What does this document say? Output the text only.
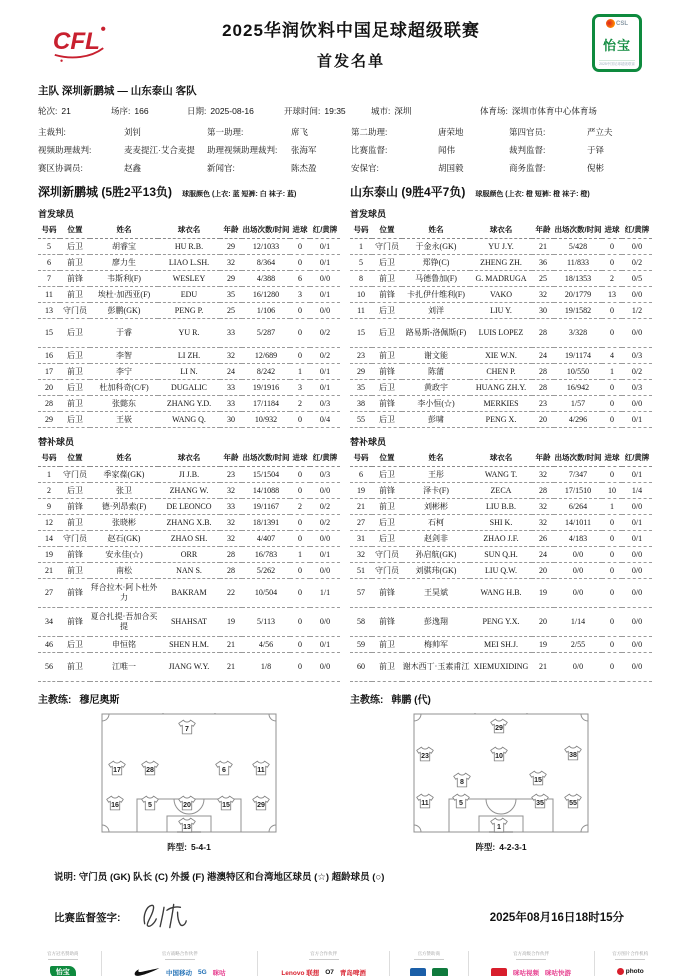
CFL	2025华润饮料中国足球超级联赛
首发名单
CSL
怡宝
2025中国足球超级联赛
主队 深圳新鹏城 — 山东泰山 客队
轮次: 21	场序: 166	日期: 2025-08-16	开球时间: 19:35	城市: 深圳	体育场: 深圳市体育中心体育场
主裁判:	刘钊	第一助理:	席飞	第二助理:	唐荣地	第四官员:	严立夫
视频助理裁判:	麦麦提江·艾合麦提	助理视频助理裁判:	张海军	比赛监督:	闻伟	裁判监督:	于铎
赛区协调员:	赵鑫	新闻官:	陈杰盈	安保官:	胡国毅	商务监督:	倪彬
深圳新鹏城 (5胜2平13负) 球服颜色 (上衣: 蓝 短裤: 白 袜子: 蓝)
首发球员
号码	位置	姓名	球衣名	年龄	出场次数/时间	进球	红/黄牌
5	后卫	胡睿宝	HU R.B.	29	12/1033	0	0/1
6	前卫	廖力生	LIAO L.SH.	32	8/364	0	0/1
7	前锋	韦斯利(F)	WESLEY	29	4/388	6	0/0
11	前卫	埃杜·加西亚(F)	EDU	35	16/1280	3	0/1
13	守门员	彭鹏(GK)	PENG P.	25	1/106	0	0/0
15	后卫	于睿	YU R.	33	5/287	0	0/2
16	后卫	李智	LI ZH.	32	12/689	0	0/2
17	前卫	李宁	LI N.	24	8/242	1	0/1
20	后卫	杜加科奇(C/F)	DUGALIC	33	19/1916	3	0/1
28	前卫	张懿东	ZHANG Y.D.	33	17/1184	2	0/3
29	后卫	王嵚	WANG Q.	30	10/932	0	0/4
替补球员
号码	位置	姓名	球衣名	年龄	出场次数/时间	进球	红/黄牌
1	守门员	季家葆(GK)	JI J.B.	23	15/1504	0	0/3
2	后卫	张卫	ZHANG W.	32	14/1088	0	0/0
9	前锋	德·列昂索(F)	DE LEONCO	33	19/1167	2	0/2
12	前卫	张晓彬	ZHANG X.B.	32	18/1391	0	0/2
14	守门员	赵石(GK)	ZHAO SH.	32	4/407	0	0/0
19	前锋	安永佳(☆)	ORR	28	16/783	1	0/1
21	前卫	南松	NAN S.	28	5/262	0	0/0
27	前锋	拜合拉木·阿卜杜外力	BAKRAM	22	10/504	0	1/1
34	前锋	夏合扎提·吾加合买提	SHAHSAT	19	5/113	0	0/0
46	后卫	申恒铭	SHEN H.M.	21	4/56	0	0/1
56	前卫	江唯一	JIANG W.Y.	21	1/8	0	0/0
主教练: 穆尼奥斯
7
17	28	6	11
16	5	20	15	29
13
阵型: 5-4-1
山东泰山 (9胜4平7负) 球服颜色 (上衣: 橙 短裤: 橙 袜子: 橙)
首发球员
号码	位置	姓名	球衣名	年龄	出场次数/时间	进球	红/黄牌
1	守门员	于金永(GK)	YU J.Y.	21	5/428	0	0/0
5	后卫	郑铮(C)	ZHENG ZH.	36	11/833	0	0/2
8	前卫	马德鲁加(F)	G. MADRUGA	25	18/1353	2	0/5
10	前锋	卡扎伊什维利(F)	VAKO	32	20/1779	13	0/0
11	后卫	刘洋	LIU Y.	30	19/1582	0	1/2
15	后卫	路易斯-洛佩斯(F)	LUIS LOPEZ	28	3/328	0	0/0
23	前卫	谢文能	XIE W.N.	24	19/1174	4	0/3
29	前锋	陈蒲	CHEN P.	28	10/550	1	0/2
35	后卫	黄政宇	HUANG ZH.Y.	28	16/942	0	0/3
38	前锋	李小恒(☆)	MERKIES	23	1/57	0	0/0
55	后卫	彭啸	PENG X.	20	4/296	0	0/1
替补球员
号码	位置	姓名	球衣名	年龄	出场次数/时间	进球	红/黄牌
6	后卫	王彤	WANG T.	32	7/347	0	0/1
19	前锋	泽卡(F)	ZECA	28	17/1510	10	1/4
21	前卫	刘彬彬	LIU B.B.	32	6/264	1	0/0
27	后卫	石柯	SHI K.	32	14/1011	0	0/1
31	后卫	赵剑非	ZHAO J.F.	26	4/183	0	0/1
32	守门员	孙启航(GK)	SUN Q.H.	24	0/0	0	0/0
51	守门员	刘骐玮(GK)	LIU Q.W.	20	0/0	0	0/0
57	前锋	王昊斌	WANG H.B.	19	0/0	0	0/0
58	前锋	彭逸翔	PENG Y.X.	20	1/14	0	0/0
59	前卫	梅帅军	MEI SH.J.	19	2/55	0	0/0
60	前卫	谢木西丁·玉素甫江	XIEMUXIDING	21	0/0	0	0/0
主教练: 韩鹏 (代)
29
23	10	38
8	15
11	5	35	55
1
阵型: 4-2-3-1
说明: 守门员 (GK) 队长 (C) 外援 (F) 港澳特区和台湾地区球员 (☆) 超龄球员 (○)
比赛监督签字:	2025年08月16日18时15分
官方冠名赞助商
怡宝
官方战略合作伙伴
中国移动 5G 咪咕
官方合作伙伴
Lenovo 联想 O7 青岛啤酒
官方赞助商	官方高级合作伙伴
咪咕视频 咪咕快游
官方图片合作机构
photo
